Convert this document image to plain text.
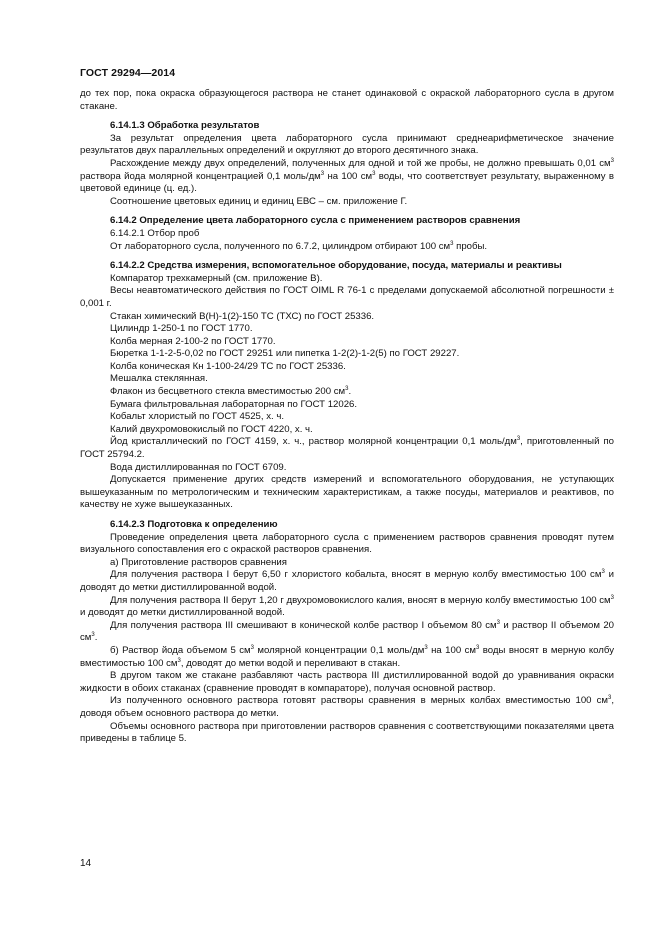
ГОСТ 29294—2014

до тех пор, пока окраска образующегося раствора не станет одинаковой с окраской лабораторного сусла в другом стакане.

6.14.1.3 Обработка результатов

За результат определения цвета лабораторного сусла принимают среднеарифметическое значение результатов двух параллельных определений и округляют до второго десятичного знака.

Расхождение между двух определений, полученных для одной и той же пробы, не должно превышать 0,01 $см^3$ раствора йода молярной концентрацией 0,1 моль/$дм^3$ на 100 $см^3$ воды, что соответствует результату, выраженному в цветовой единице (ц. ед.).

Соотношение цветовых единиц и единиц ЕВС – см. приложение Г.

6.14.2 Определение цвета лабораторного сусла с применением растворов сравнения

6.14.2.1 Отбор проб

От лабораторного сусла, полученного по 6.7.2, цилиндром отбирают 100 $см^3$ пробы.

6.14.2.2 Средства измерения, вспомогательное оборудование, посуда, материалы и реактивы

Компаратор трехкамерный (см. приложение В).

Весы неавтоматического действия по ГОСТ OIML R 76-1 с пределами допускаемой абсолютной погрешности ± 0,001 г.

Стакан химический В(Н)-1(2)-150 ТС (ТХС) по ГОСТ 25336.

Цилиндр 1-250-1 по ГОСТ 1770.

Колба мерная 2-100-2 по ГОСТ 1770.

Бюретка 1-1-2-5-0,02 по ГОСТ 29251 или пипетка 1-2(2)-1-2(5) по ГОСТ 29227.

Колба коническая Кн 1-100-24/29 ТС по ГОСТ 25336.

Мешалка стеклянная.

Флакон из бесцветного стекла вместимостью 200 $см^3$.

Бумага фильтровальная лабораторная по ГОСТ 12026.

Кобальт хлористый по ГОСТ 4525, х. ч.

Калий двухромовокислый по ГОСТ 4220, х. ч.

Йод кристаллический по ГОСТ 4159, х. ч., раствор молярной концентрации 0,1 моль/$дм^3$, приготовленный по ГОСТ 25794.2.

Вода дистиллированная по ГОСТ 6709.

Допускается применение других средств измерений и вспомогательного оборудования, не уступающих вышеуказанным по метрологическим и техническим характеристикам, а также посуды, материалов и реактивов, по качеству не хуже вышеуказанных.

6.14.2.3 Подготовка к определению

Проведение определения цвета лабораторного сусла с применением растворов сравнения проводят путем визуального сопоставления его с окраской растворов сравнения.

а) Приготовление растворов сравнения

Для получения раствора I берут 6,50 г хлористого кобальта, вносят в мерную колбу вместимостью 100 $см^3$ и доводят до метки дистиллированной водой.

Для получения раствора II берут 1,20 г двухромовокислого калия, вносят в мерную колбу вместимостью 100 $см^3$ и доводят до метки дистиллированной водой.

Для получения раствора III смешивают в конической колбе раствор I объемом 80 $см^3$ и раствор II объемом 20 $см^3$.

б) Раствор йода объемом 5 $см^3$ молярной концентрации 0,1 моль/$дм^3$ на 100 $см^3$ воды вносят в мерную колбу вместимостью 100 $см^3$, доводят до метки водой и переливают в стакан.

В другом таком же стакане разбавляют часть раствора III дистиллированной водой до уравнивания окраски жидкости в обоих стаканах (сравнение проводят в компараторе), получая основной раствор.

Из полученного основного раствора готовят растворы сравнения в мерных колбах вместимостью 100 $см^3$, доводя объем основного раствора до метки.

Объемы основного раствора при приготовлении растворов сравнения с соответствующими показателями цвета приведены в таблице 5.

14
